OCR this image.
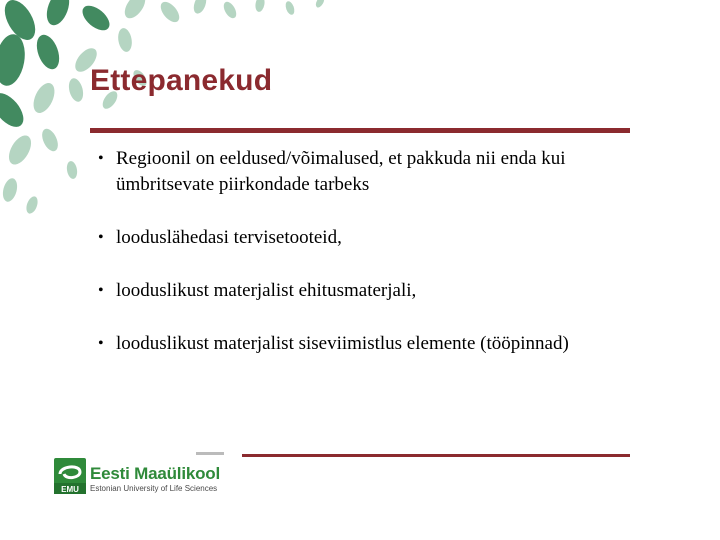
Ettepanekud
• Regioonil on eeldused/võimalused, et pakkuda nii enda kui ümbritsevate piirkondade tarbeks
• looduslähedasi tervisetooteid,
• looduslikust materjalist ehitusmaterjali,
• looduslikust materjalist siseviimistlus elemente (tööpinnad)
EMU
Eesti Maaülikool
Estonian University of Life Sciences
